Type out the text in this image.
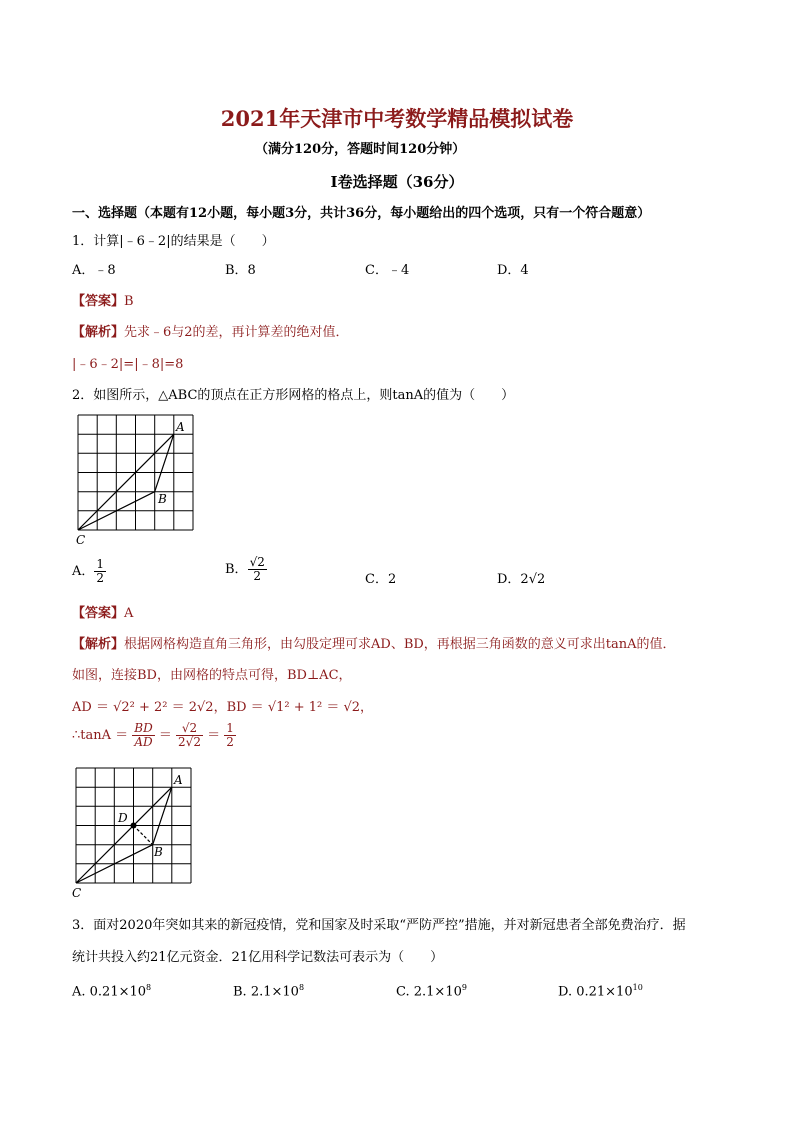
2021年天津市中考数学精品模拟试卷
（满分120分，答题时间120分钟）
Ⅰ卷选择题（36分）
一、选择题（本题有12小题，每小题3分，共计36分，每小题给出的四个选项，只有一个符合题意）
1．计算|﹣6﹣2|的结果是（　　）
A．﹣8	B．8	C．﹣4	D．4
【答案】B
【解析】先求﹣6与2的差，再计算差的绝对值．
|﹣6﹣2|=|﹣8|=8
2．如图所示，△ABC的顶点在正方形网格的格点上，则tanA的值为（　　）
A
B
C
A． $\frac{1}{2}$	B． $\frac{√2}{2}$	C．2	D．2√2
【答案】A
【解析】根据网格构造直角三角形，由勾股定理可求AD、BD，再根据三角函数的意义可求出tanA的值．
如图，连接BD，由网格的特点可得，BD⊥AC，
AD ＝ √2² + 2² ＝ 2√2，BD ＝ √1² + 1² ＝ √2，
∴tanA ＝ $\frac{BD}{AD} = \frac{√2}{2√2} = \frac{1}{2}$
A
B
C
D
3．面对2020年突如其来的新冠疫情，党和国家及时采取“严防严控”措施，并对新冠患者全部免费治疗．据
统计共投入约21亿元资金．21亿用科学记数法可表示为（　　）
A. $0.21\times 10^8$	B. $2.1\times 10^8$	C. $2.1\times 10^9$	D. $0.21\times 10^{10}$
